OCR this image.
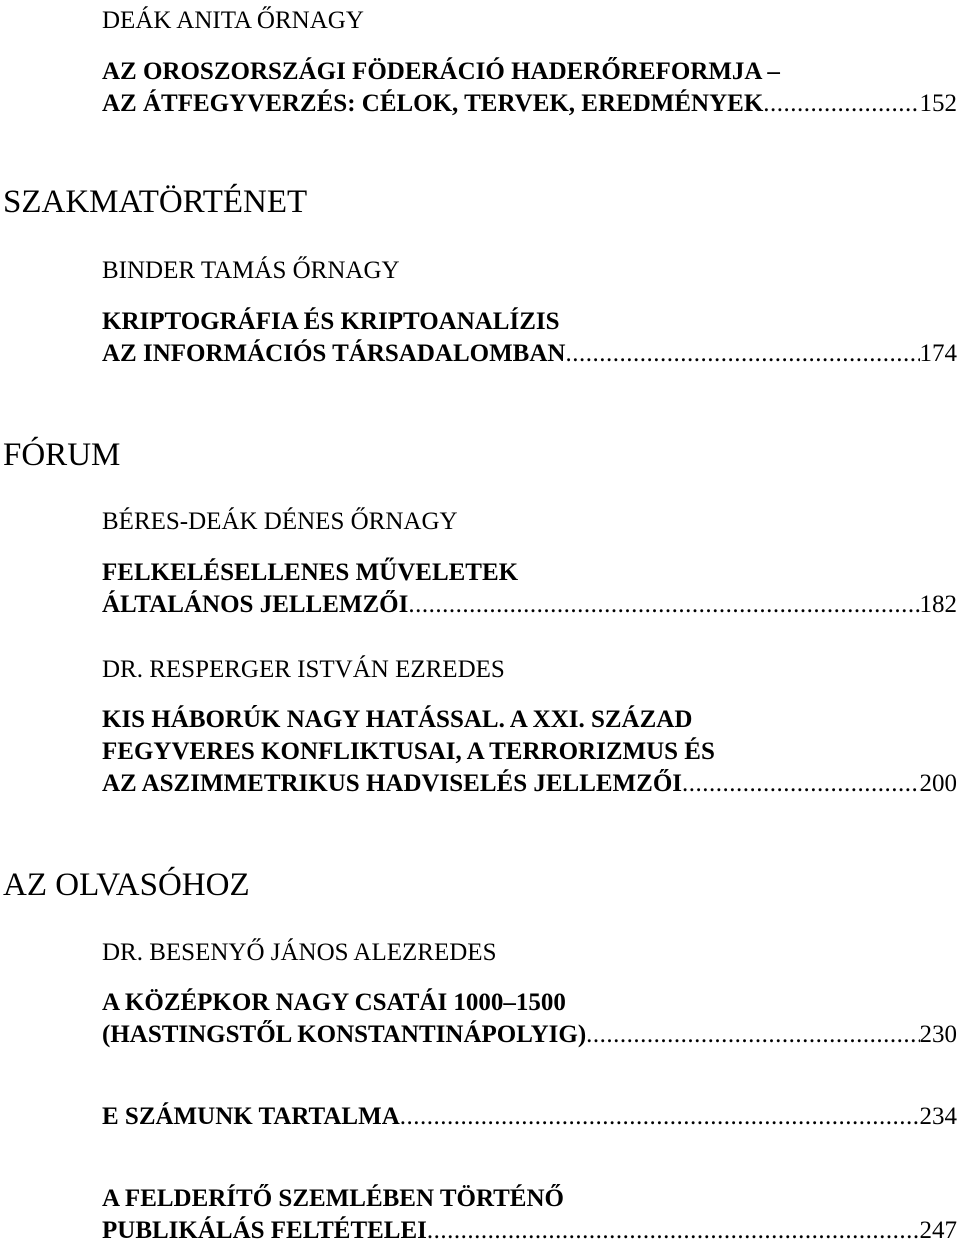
DEÁK ANITA ŐRNAGY
AZ OROSZORSZÁGI FÖDERÁCIÓ HADERŐREFORMJA –
AZ ÁTFEGYVERZÉS: CÉLOK, TERVEK, EREDMÉNYEK .....	152
SZAKMATÖRTÉNET
BINDER TAMÁS ŐRNAGY
KRIPTOGRÁFIA ÉS KRIPTOANALÍZIS
AZ INFORMÁCIÓS TÁRSADALOMBAN .....	174
FÓRUM
BÉRES-DEÁK DÉNES ŐRNAGY
FELKELÉSELLENES MŰVELETEK
ÁLTALÁNOS JELLEMZŐI .....	182
DR. RESPERGER ISTVÁN EZREDES
KIS HÁBORÚK NAGY HATÁSSAL. A XXI. SZÁZAD
FEGYVERES KONFLIKTUSAI, A TERRORIZMUS ÉS
AZ ASZIMMETRIKUS HADVISELÉS JELLEMZŐI .....	200
AZ OLVASÓHOZ
DR. BESENYŐ JÁNOS ALEZREDES
A KÖZÉPKOR NAGY CSATÁI 1000–1500
(HASTINGSTŐL KONSTANTINÁPOLYIG) .....	230
E SZÁMUNK TARTALMA .....	234
A FELDERÍTŐ SZEMLÉBEN TÖRTÉNŐ
PUBLIKÁLÁS FELTÉTELEI .....	247
